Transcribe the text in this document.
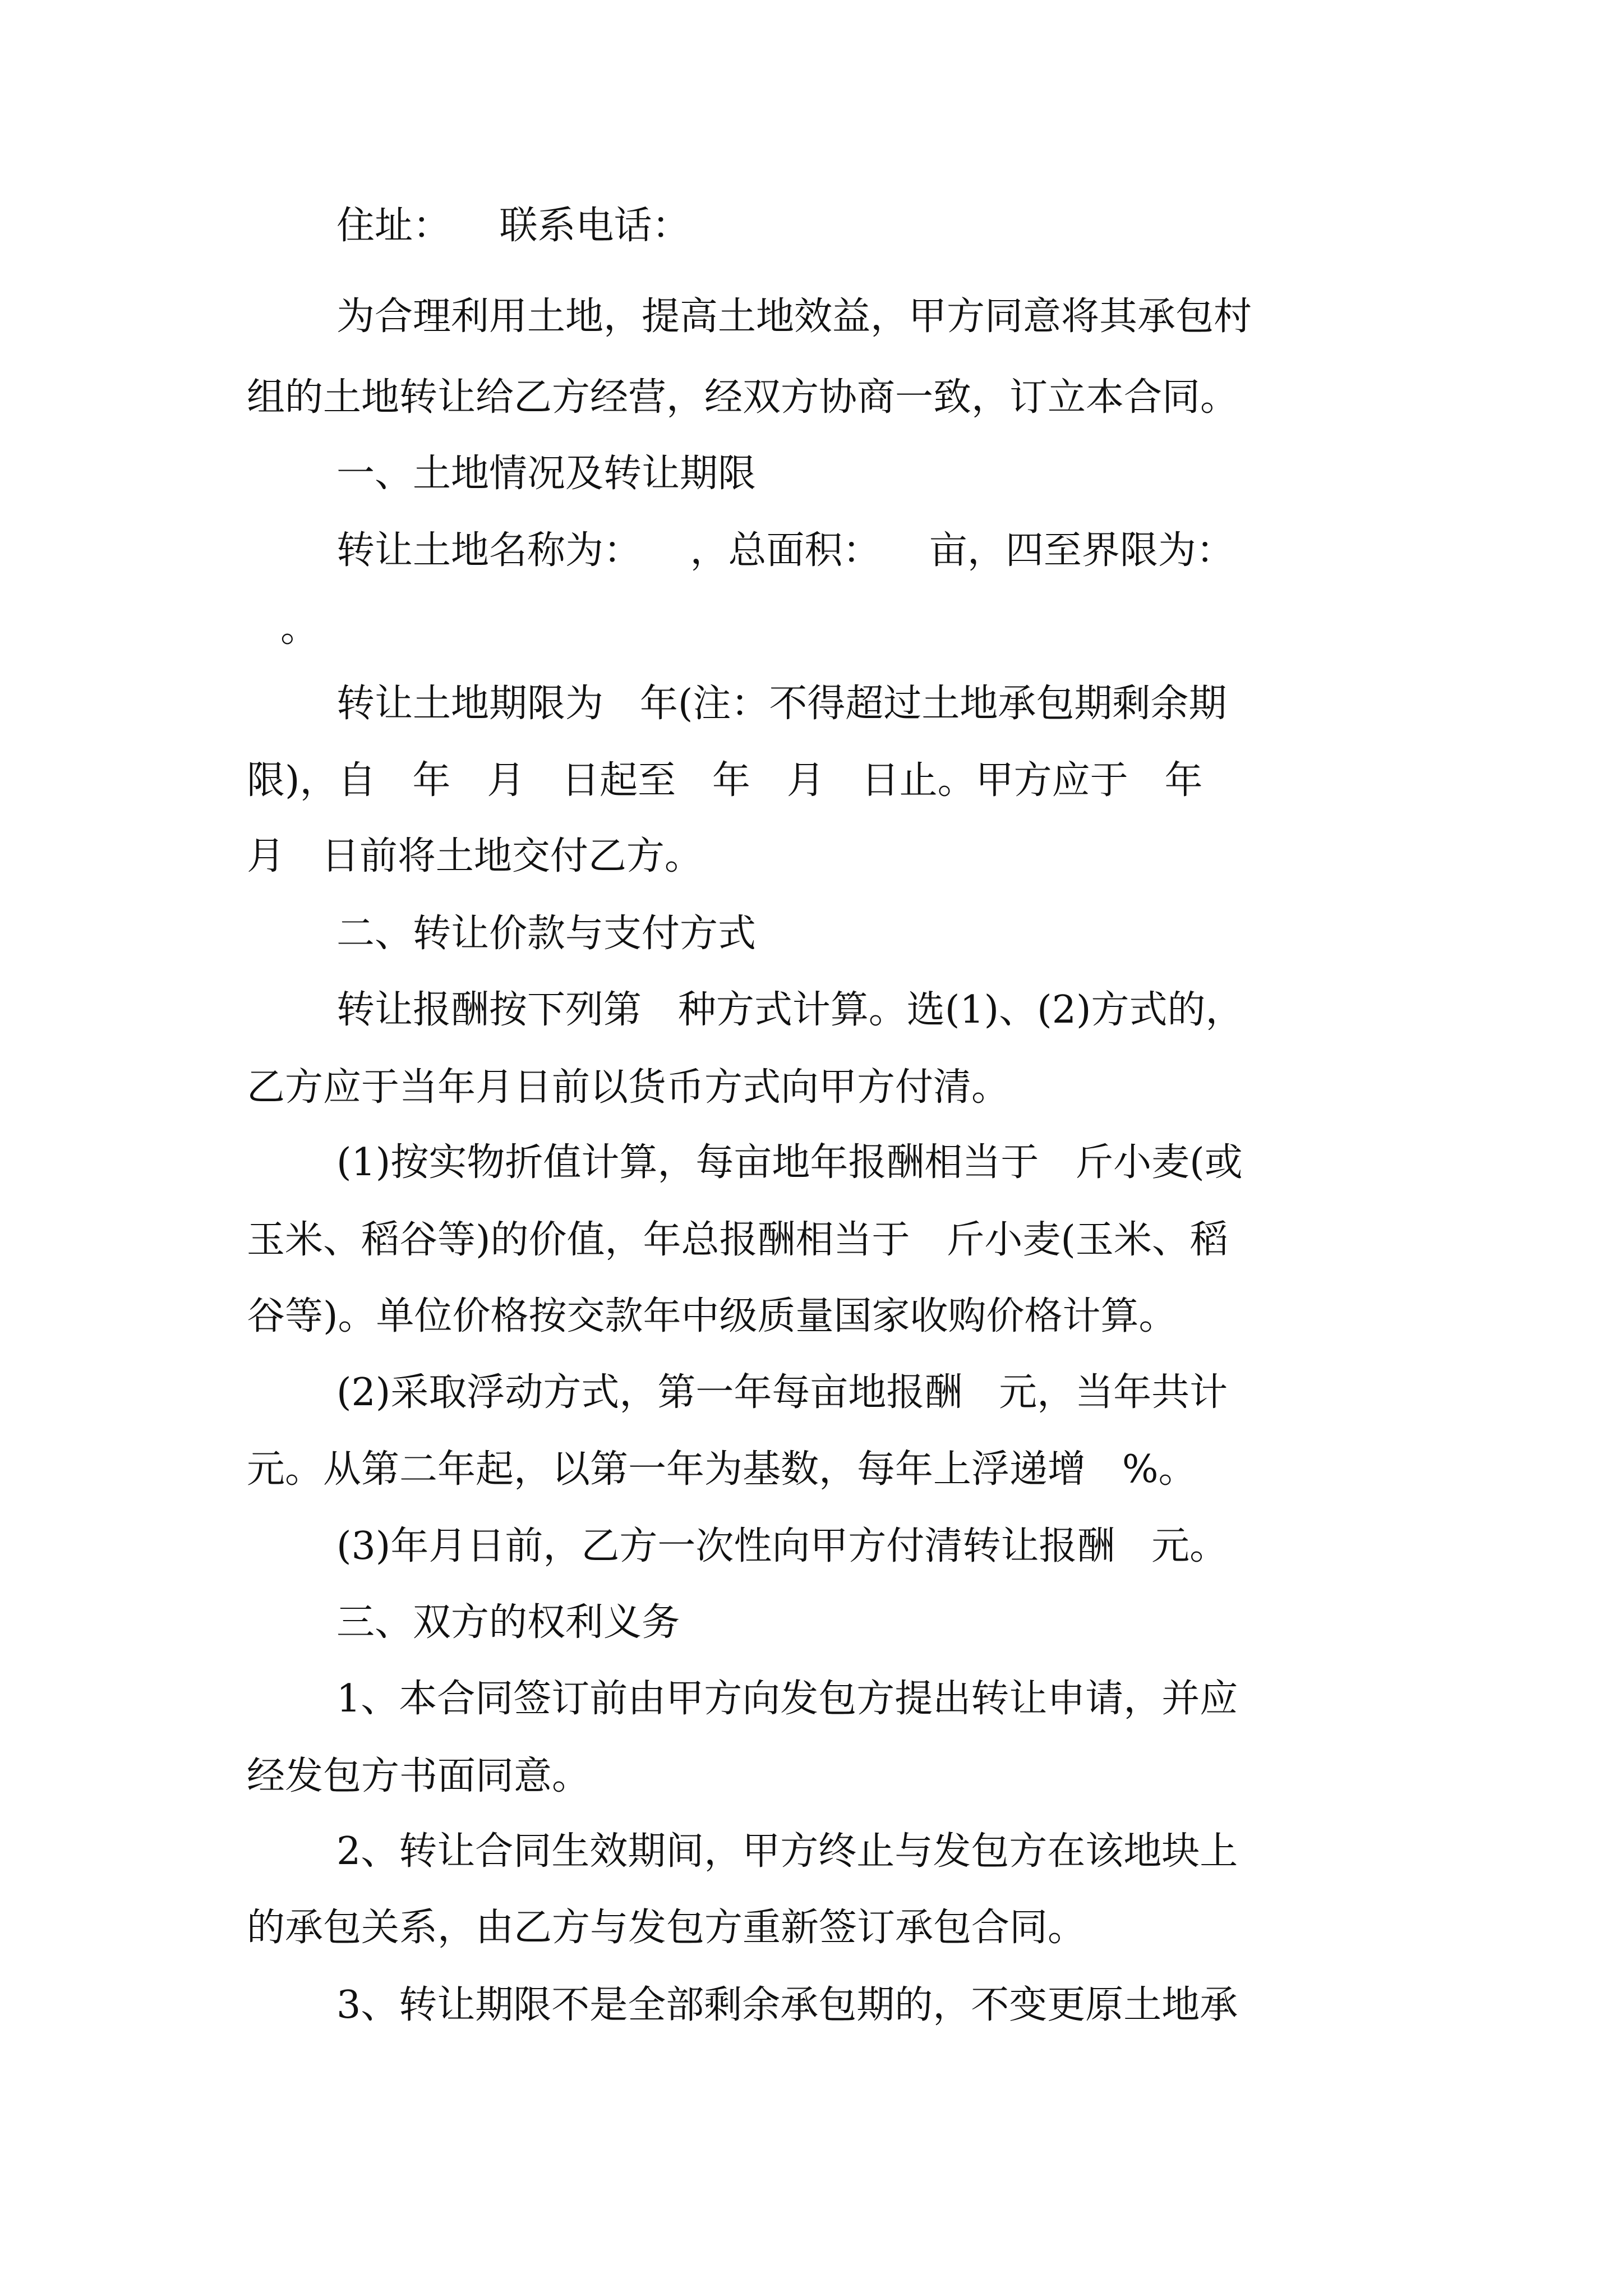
住址：    联系电话：
为合理利用土地，提高土地效益，甲方同意将其承包村
组的土地转让给乙方经营，经双方协商一致，订立本合同。
一、土地情况及转让期限
转让土地名称为：    ，总面积：    亩，四至界限为：
。
转让土地期限为   年(注：不得超过土地承包期剩余期
限)，自   年   月   日起至   年   月   日止。甲方应于   年
月   日前将土地交付乙方。
二、转让价款与支付方式
转让报酬按下列第   种方式计算。选(1)、(2)方式的，
乙方应于当年月日前以货币方式向甲方付清。
(1)按实物折值计算，每亩地年报酬相当于   斤小麦(或
玉米、稻谷等)的价值，年总报酬相当于   斤小麦(玉米、稻
谷等)。单位价格按交款年中级质量国家收购价格计算。
(2)采取浮动方式，第一年每亩地报酬   元，当年共计
元。从第二年起，以第一年为基数，每年上浮递增   %。
(3)年月日前，乙方一次性向甲方付清转让报酬   元。
三、双方的权利义务
1、本合同签订前由甲方向发包方提出转让申请，并应
经发包方书面同意。
2、转让合同生效期间，甲方终止与发包方在该地块上
的承包关系，由乙方与发包方重新签订承包合同。
3、转让期限不是全部剩余承包期的，不变更原土地承
